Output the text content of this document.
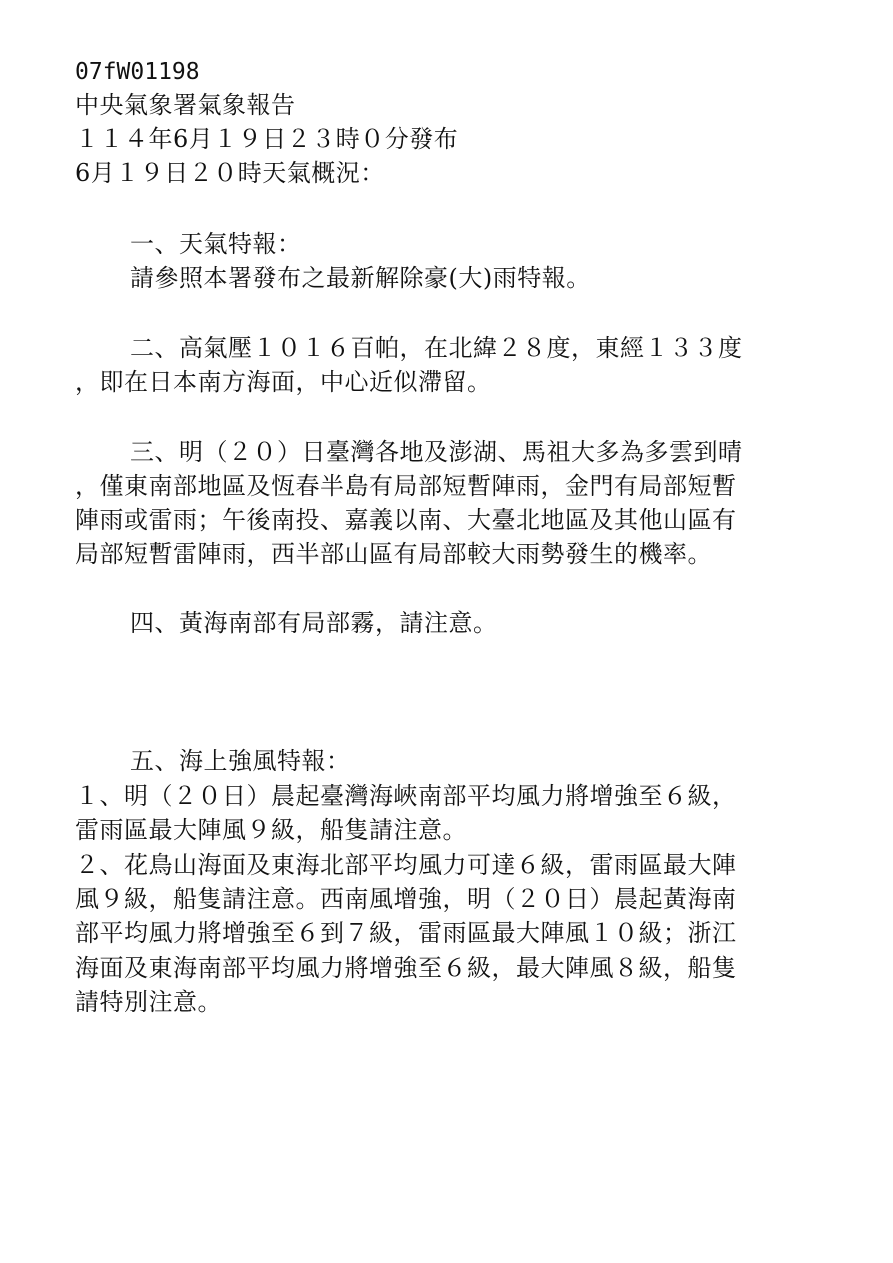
07fW01198
中央氣象署氣象報告
１１４年6月１９日２３時０分發布
6月１９日２０時天氣概況：
一、天氣特報：
請參照本署發布之最新解除豪(大)雨特報。
二、高氣壓１０１６百帕，在北緯２８度，東經１３３度
，即在日本南方海面，中心近似滯留。
三、明（２０）日臺灣各地及澎湖、馬祖大多為多雲到晴
，僅東南部地區及恆春半島有局部短暫陣雨，金門有局部短暫
陣雨或雷雨；午後南投、嘉義以南、大臺北地區及其他山區有
局部短暫雷陣雨，西半部山區有局部較大雨勢發生的機率。
四、黃海南部有局部霧，請注意。
五、海上強風特報：
１、明（２０日）晨起臺灣海峽南部平均風力將增強至６級，
雷雨區最大陣風９級，船隻請注意。
２、花鳥山海面及東海北部平均風力可達６級，雷雨區最大陣
風９級，船隻請注意。西南風增強，明（２０日）晨起黃海南
部平均風力將增強至６到７級，雷雨區最大陣風１０級；浙江
海面及東海南部平均風力將增強至６級，最大陣風８級，船隻
請特別注意。
